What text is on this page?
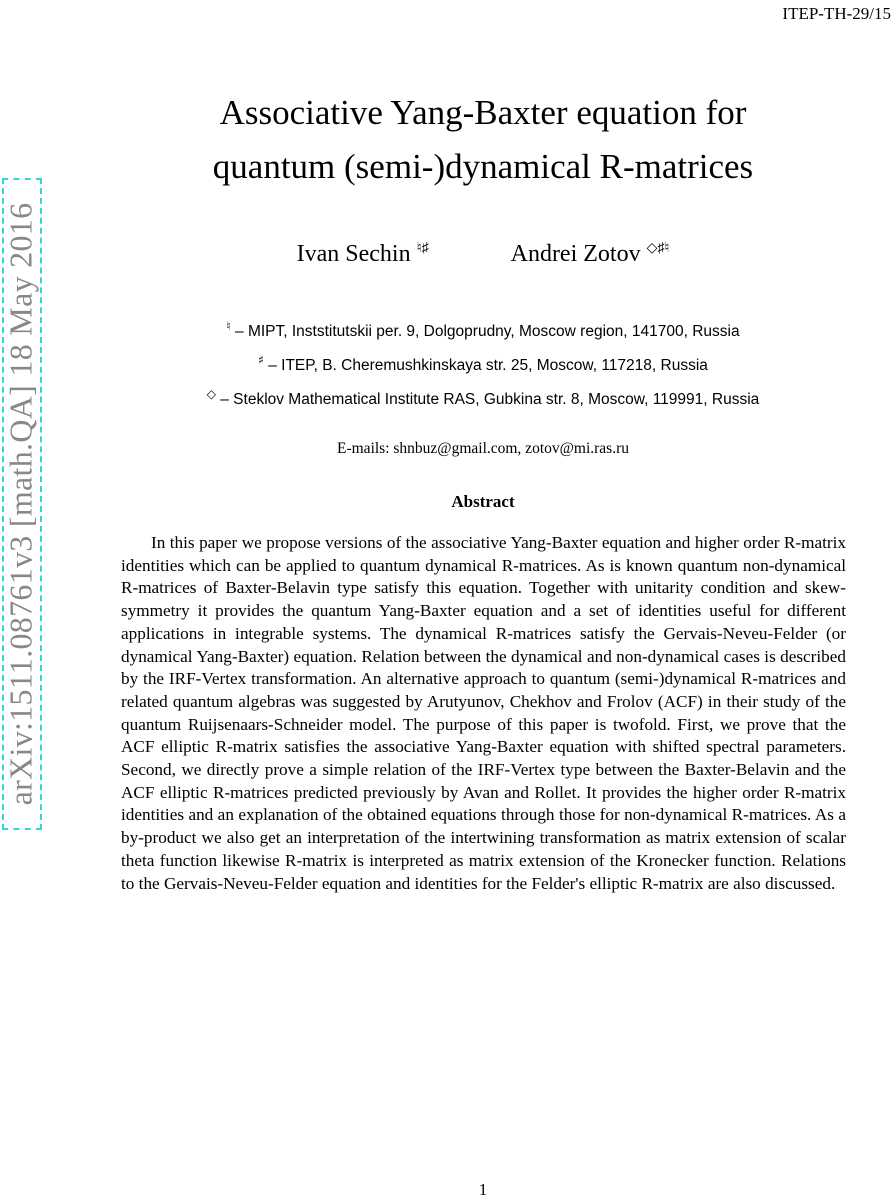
ITEP-TH-29/15
arXiv:1511.08761v3 [math.QA] 18 May 2016
Associative Yang-Baxter equation for
quantum (semi-)dynamical R-matrices
Ivan Sechin ♮♯	Andrei Zotov ◇♯♮
♮ – MIPT, Inststitutskii per. 9, Dolgoprudny, Moscow region, 141700, Russia
♯ – ITEP, B. Cheremushkinskaya str. 25, Moscow, 117218, Russia
◇ – Steklov Mathematical Institute RAS, Gubkina str. 8, Moscow, 119991, Russia
E-mails: shnbuz@gmail.com, zotov@mi.ras.ru
Abstract
In this paper we propose versions of the associative Yang-Baxter equation and higher order R-matrix identities which can be applied to quantum dynamical R-matrices. As is known quantum non-dynamical R-matrices of Baxter-Belavin type satisfy this equation. Together with unitarity condition and skew-symmetry it provides the quantum Yang-Baxter equation and a set of identities useful for different applications in integrable systems. The dynamical R-matrices satisfy the Gervais-Neveu-Felder (or dynamical Yang-Baxter) equation. Relation between the dynamical and non-dynamical cases is described by the IRF-Vertex transformation. An alternative approach to quantum (semi-)dynamical R-matrices and related quantum algebras was suggested by Arutyunov, Chekhov and Frolov (ACF) in their study of the quantum Ruijsenaars-Schneider model. The purpose of this paper is twofold. First, we prove that the ACF elliptic R-matrix satisfies the associative Yang-Baxter equation with shifted spectral parameters. Second, we directly prove a simple relation of the IRF-Vertex type between the Baxter-Belavin and the ACF elliptic R-matrices predicted previously by Avan and Rollet. It provides the higher order R-matrix identities and an explanation of the obtained equations through those for non-dynamical R-matrices. As a by-product we also get an interpretation of the intertwining transformation as matrix extension of scalar theta function likewise R-matrix is interpreted as matrix extension of the Kronecker function. Relations to the Gervais-Neveu-Felder equation and identities for the Felder's elliptic R-matrix are also discussed.
1
